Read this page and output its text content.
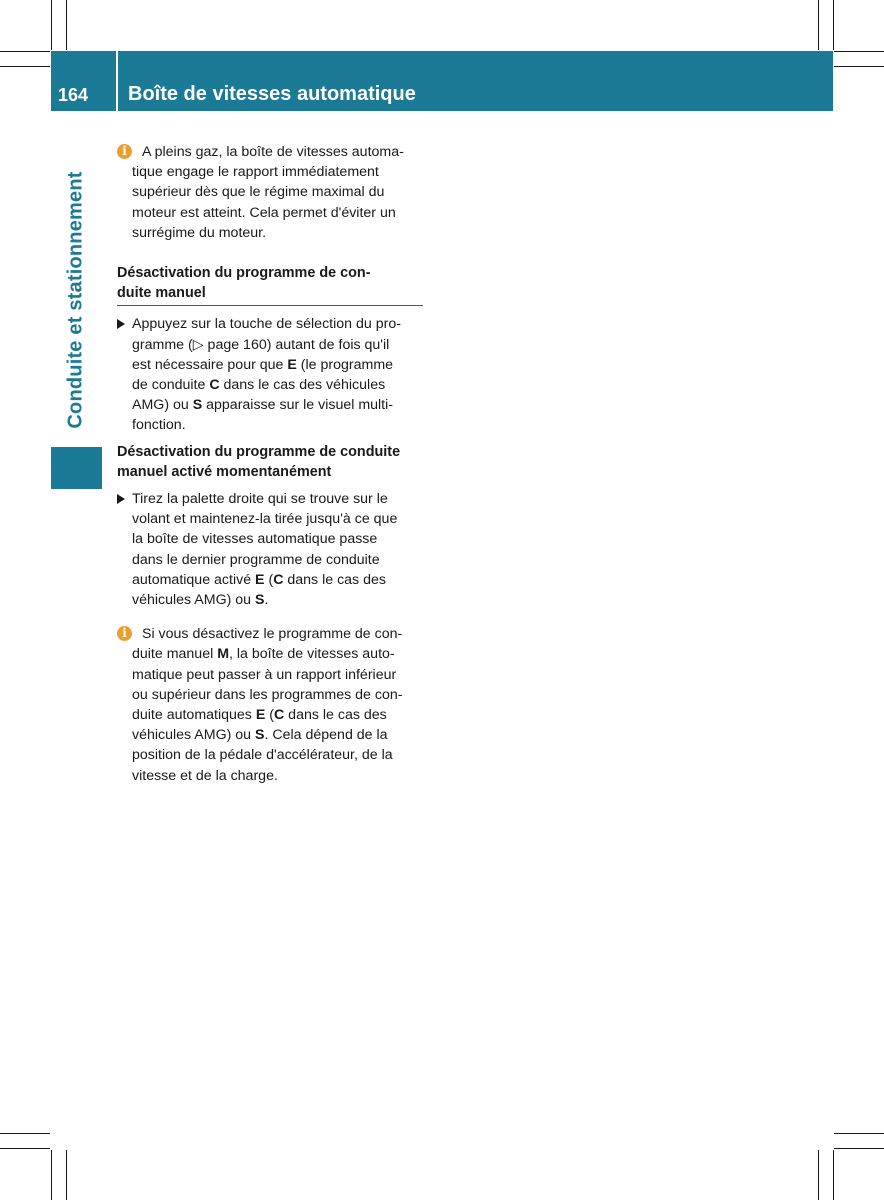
164	Boîte de vitesses automatique
Conduite et stationnement
i	A pleins gaz, la boîte de vitesses automa-
tique engage le rapport immédiatement
supérieur dès que le régime maximal du
moteur est atteint. Cela permet d'éviter un
surrégime du moteur.
Désactivation du programme de con-
duite manuel
Appuyez sur la touche de sélection du pro-
gramme (▷ page 160) autant de fois qu'il
est nécessaire pour que E (le programme
de conduite C dans le cas des véhicules
AMG) ou S apparaisse sur le visuel multi-
fonction.
Désactivation du programme de conduite
manuel activé momentanément
Tirez la palette droite qui se trouve sur le
volant et maintenez-la tirée jusqu'à ce que
la boîte de vitesses automatique passe
dans le dernier programme de conduite
automatique activé E (C dans le cas des
véhicules AMG) ou S.
i	Si vous désactivez le programme de con-
duite manuel M, la boîte de vitesses auto-
matique peut passer à un rapport inférieur
ou supérieur dans les programmes de con-
duite automatiques E (C dans le cas des
véhicules AMG) ou S. Cela dépend de la
position de la pédale d'accélérateur, de la
vitesse et de la charge.
